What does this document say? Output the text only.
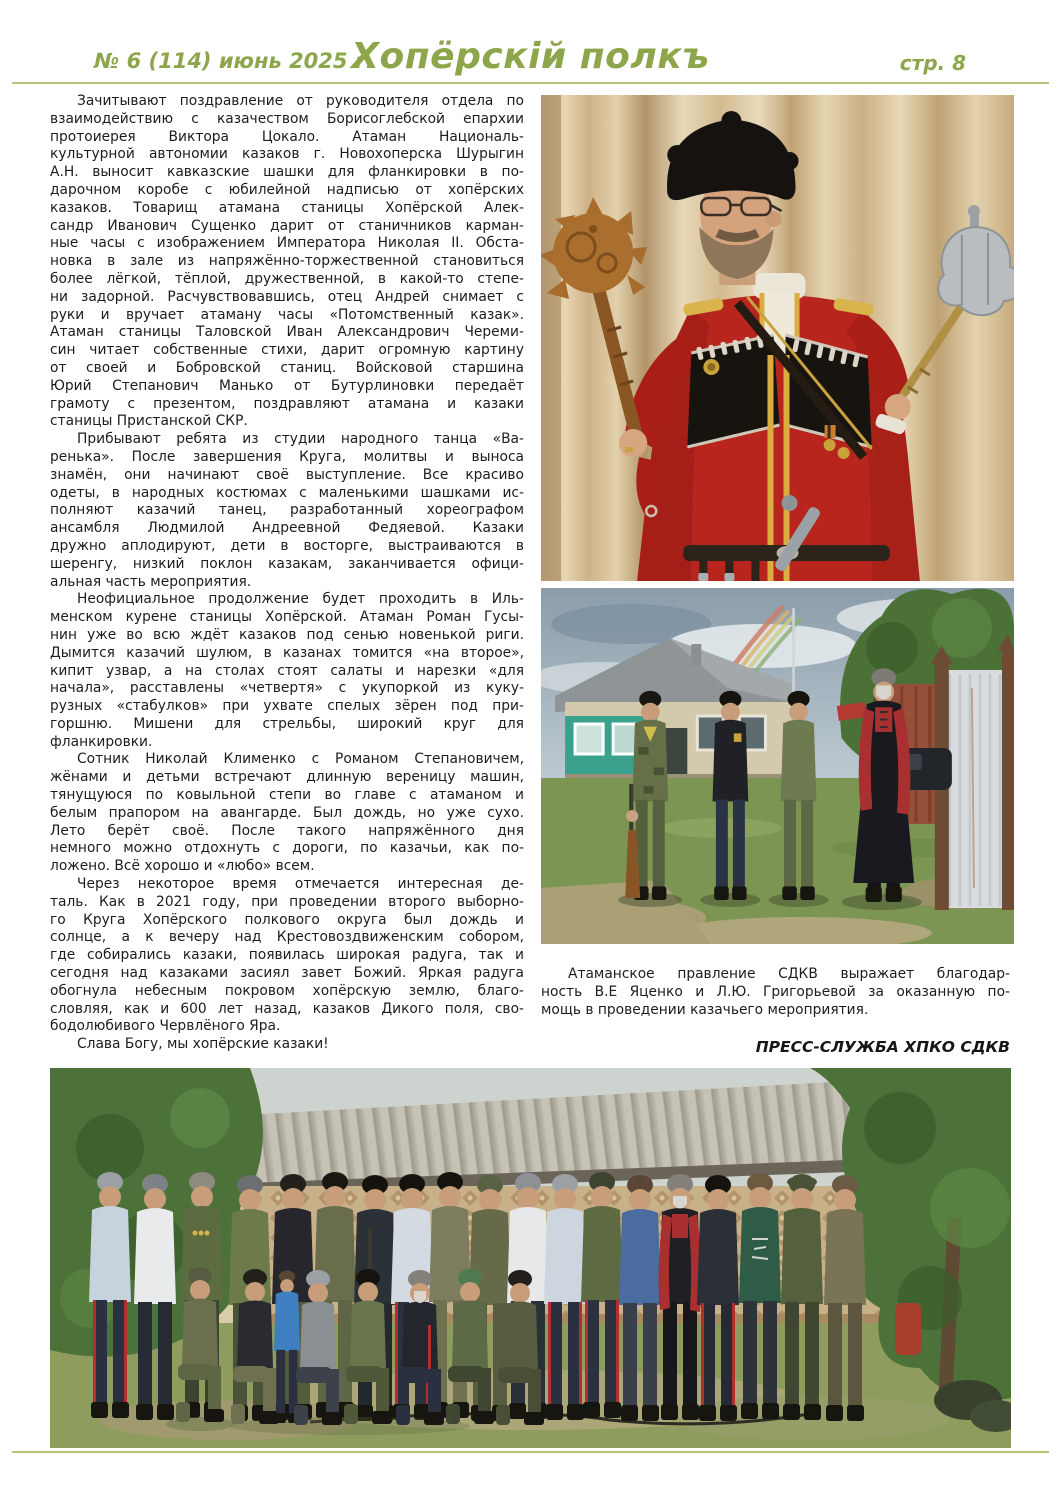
№ 6 (114) июнь 2025 г.
Хопёрскій полкъ	стр. 8
Зачитывают поздравление от руководителя отдела по
взаимодействию с казачеством Борисоглебской епархии
протоиерея Виктора Цокало. Атаман Националь-
культурной автономии казаков г. Новохоперска Шурыгин
А.Н. выносит кавказские шашки для фланкировки в по-
дарочном коробе с юбилейной надписью от хопёрских
казаков. Товарищ атамана станицы Хопёрской Алек-
сандр Иванович Сущенко дарит от станичников карман-
ные часы с изображением Императора Николая II. Обста-
новка в зале из напряжённо-торжественной становиться
более лёгкой, тёплой, дружественной, в какой-то степе-
ни задорной. Расчувствовавшись, отец Андрей снимает с
руки и вручает атаману часы «Потомственный казак».
Атаман станицы Таловской Иван Александрович Череми-
син читает собственные стихи, дарит огромную картину
от своей и Бобровской станиц. Войсковой старшина
Юрий Степанович Манько от Бутурлиновки передаёт
грамоту с презентом, поздравляют атамана и казаки
станицы Пристанской СКР.
Прибывают ребята из студии народного танца «Ва-
ренька». После завершения Круга, молитвы и выноса
знамён, они начинают своё выступление. Все красиво
одеты, в народных костюмах с маленькими шашками ис-
полняют казачий танец, разработанный хореографом
ансамбля Людмилой Андреевной Федяевой. Казаки
дружно аплодируют, дети в восторге, выстраиваются в
шеренгу, низкий поклон казакам, заканчивается офици-
альная часть мероприятия.
Неофициальное продолжение будет проходить в Иль-
менском курене станицы Хопёрской. Атаман Роман Гусы-
нин уже во всю ждёт казаков под сенью новенькой риги.
Дымится казачий шулюм, в казанах томится «на второе»,
кипит узвар, а на столах стоят салаты и нарезки «для
начала», расставлены «четвертя» с укупоркой из куку-
рузных «стабулков» при ухвате спелых зёрен под при-
горшню. Мишени для стрельбы, широкий круг для
фланкировки.
Сотник Николай Клименко с Романом Степановичем,
жёнами и детьми встречают длинную вереницу машин,
тянущуюся по ковыльной степи во главе с атаманом и
белым прапором на авангарде. Был дождь, но уже сухо.
Лето берёт своё. После такого напряжённого дня
немного можно отдохнуть с дороги, по казачьи, как по-
ложено. Всё хорошо и «любо» всем.
Через некоторое время отмечается интересная де-
таль. Как в 2021 году, при проведении второго выборно-
го Круга Хопёрского полкового округа был дождь и
солнце, а к вечеру над Крестовоздвиженским собором,
где собирались казаки, появилась широкая радуга, так и
сегодня над казаками засиял завет Божий. Яркая радуга
обогнула небесным покровом хопёрскую землю, благо-
словляя, как и 600 лет назад, казаков Дикого поля, сво-
бодолюбивого Червлёного Яра.
Слава Богу, мы хопёрские казаки!
Атаманское правление СДКВ выражает благодар-
ность В.Е Яценко и Л.Ю. Григорьевой за оказанную по-
мощь в проведении казачьего мероприятия.
ПРЕСС-СЛУЖБА ХПКО СДКВ
